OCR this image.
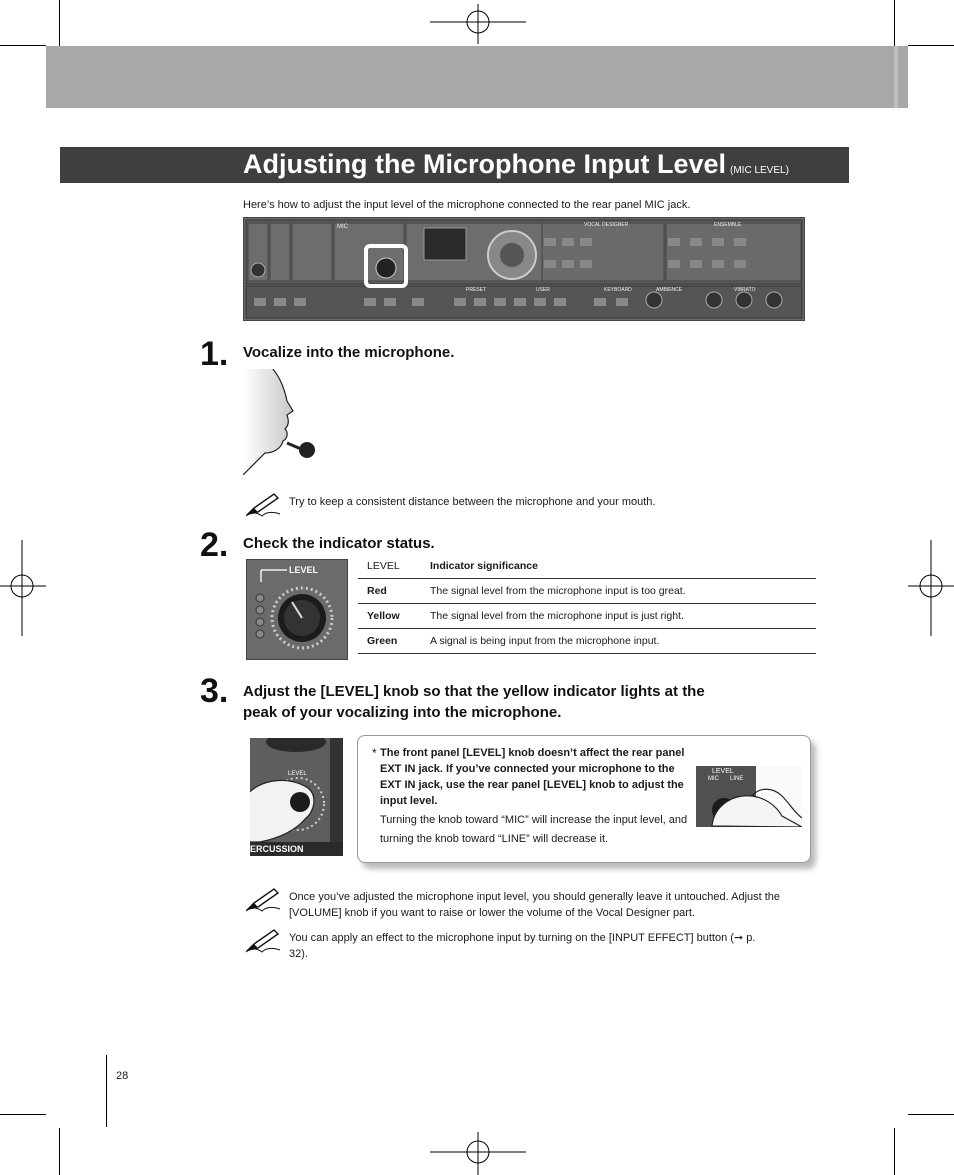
Adjusting the Microphone Input Level (MIC LEVEL)
Here’s how to adjust the input level of the microphone connected to the rear panel MIC jack.
MIC	VOCAL DESIGNER	ENSEMBLE
PRESET	USER	KEYBOARD	AMBIENCE	VIBRATO
1. Vocalize into the microphone.
Try to keep a consistent distance between the microphone and your mouth.
2. Check the indicator status.
LEVEL	LEVEL	Indicator significance
Red	The signal level from the microphone input is too great.
Yellow	The signal level from the microphone input is just right.
Green	A signal is being input from the microphone input.
3. Adjust the [LEVEL] knob so that the yellow indicator lights at the
peak of your vocalizing into the microphone.
LEVEL
ERCUSSION
* The front panel [LEVEL] knob doesn’t affect the rear panel EXT IN jack. If you’ve connected your microphone to the EXT IN jack, use the rear panel [LEVEL] knob to adjust the input level.
Turning the knob toward “MIC” will increase the input level, and turning the knob toward “LINE” will decrease it.
LEVEL
MIC LINE
Once you’ve adjusted the microphone input level, you should generally leave it untouched. Adjust the [VOLUME] knob if you want to raise or lower the volume of the Vocal Designer part.
You can apply an effect to the microphone input by turning on the [INPUT EFFECT] button (➞ p. 32).
28
